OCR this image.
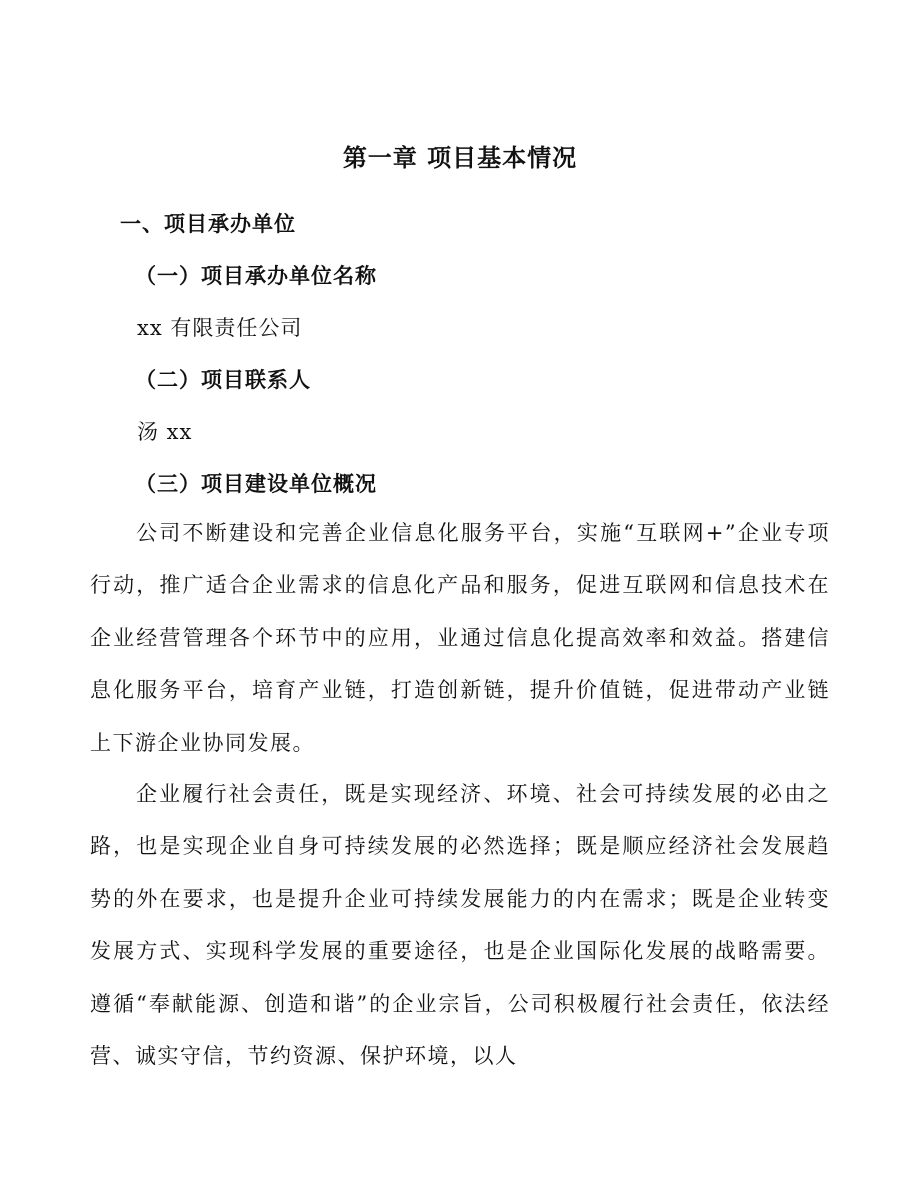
第一章 项目基本情况
一、项目承办单位
（一）项目承办单位名称
xx 有限责任公司
（二）项目联系人
汤 xx
（三）项目建设单位概况
公司不断建设和完善企业信息化服务平台，实施“互联网+”企业专项行动，推广适合企业需求的信息化产品和服务，促进互联网和信息技术在企业经营管理各个环节中的应用，业通过信息化提高效率和效益。搭建信息化服务平台，培育产业链，打造创新链，提升价值链，促进带动产业链上下游企业协同发展。
企业履行社会责任，既是实现经济、环境、社会可持续发展的必由之路，也是实现企业自身可持续发展的必然选择；既是顺应经济社会发展趋势的外在要求，也是提升企业可持续发展能力的内在需求；既是企业转变发展方式、实现科学发展的重要途径，也是企业国际化发展的战略需要。遵循“奉献能源、创造和谐”的企业宗旨，公司积极履行社会责任，依法经营、诚实守信，节约资源、保护环境，以人
